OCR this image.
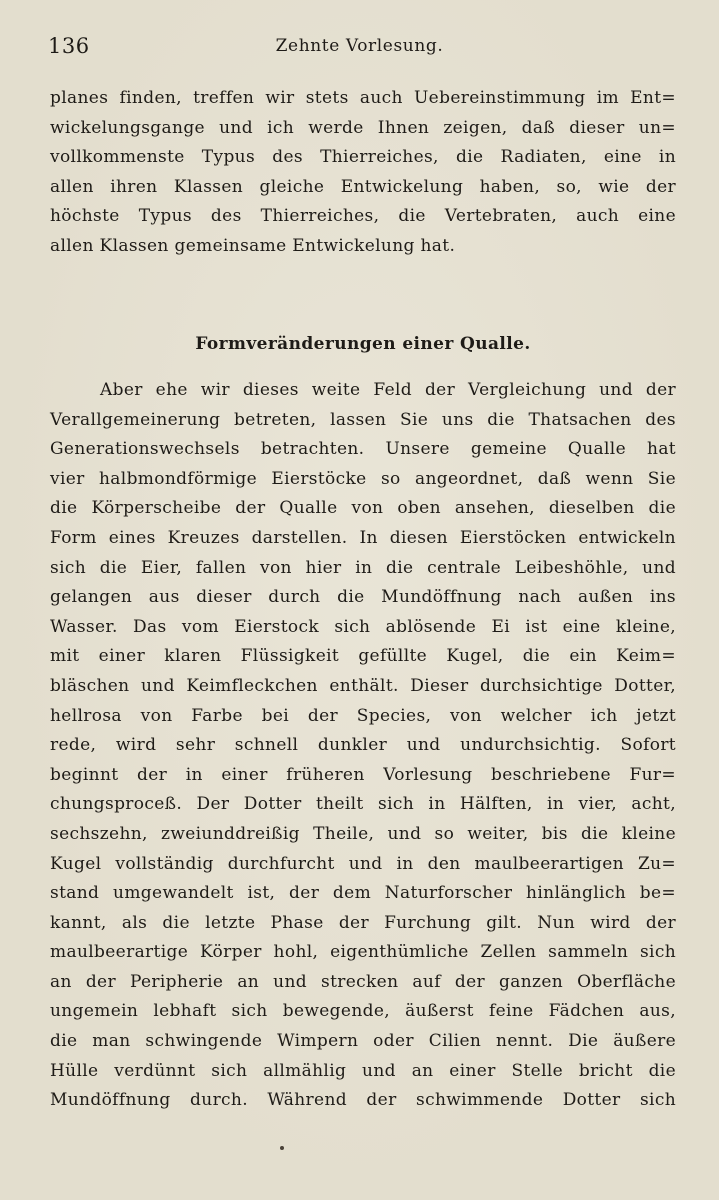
136	Zehnte Vorlesung.
planes finden, treffen wir stets auch Uebereinstimmung im Ent=
wickelungsgange und ich werde Ihnen zeigen, daß dieser un=
vollkommenste Typus des Thierreiches, die Radiaten, eine in
allen ihren Klassen gleiche Entwickelung haben, so, wie der
höchste Typus des Thierreiches, die Vertebraten, auch eine
allen Klassen gemeinsame Entwickelung hat.
Formveränderungen einer Qualle.
Aber ehe wir dieses weite Feld der Vergleichung und der
Verallgemeinerung betreten, lassen Sie uns die Thatsachen des
Generationswechsels betrachten. Unsere gemeine Qualle hat
vier halbmondförmige Eierstöcke so angeordnet, daß wenn Sie
die Körperscheibe der Qualle von oben ansehen, dieselben die
Form eines Kreuzes darstellen. In diesen Eierstöcken entwickeln
sich die Eier, fallen von hier in die centrale Leibeshöhle, und
gelangen aus dieser durch die Mundöffnung nach außen ins
Wasser. Das vom Eierstock sich ablösende Ei ist eine kleine,
mit einer klaren Flüssigkeit gefüllte Kugel, die ein Keim=
bläschen und Keimfleckchen enthält. Dieser durchsichtige Dotter,
hellrosa von Farbe bei der Species, von welcher ich jetzt
rede, wird sehr schnell dunkler und undurchsichtig. Sofort
beginnt der in einer früheren Vorlesung beschriebene Fur=
chungsproceß. Der Dotter theilt sich in Hälften, in vier, acht,
sechszehn, zweiunddreißig Theile, und so weiter, bis die kleine
Kugel vollständig durchfurcht und in den maulbeerartigen Zu=
stand umgewandelt ist, der dem Naturforscher hinlänglich be=
kannt, als die letzte Phase der Furchung gilt. Nun wird der
maulbeerartige Körper hohl, eigenthümliche Zellen sammeln sich
an der Peripherie an und strecken auf der ganzen Oberfläche
ungemein lebhaft sich bewegende, äußerst feine Fädchen aus,
die man schwingende Wimpern oder Cilien nennt. Die äußere
Hülle verdünnt sich allmählig und an einer Stelle bricht die
Mundöffnung durch. Während der schwimmende Dotter sich
